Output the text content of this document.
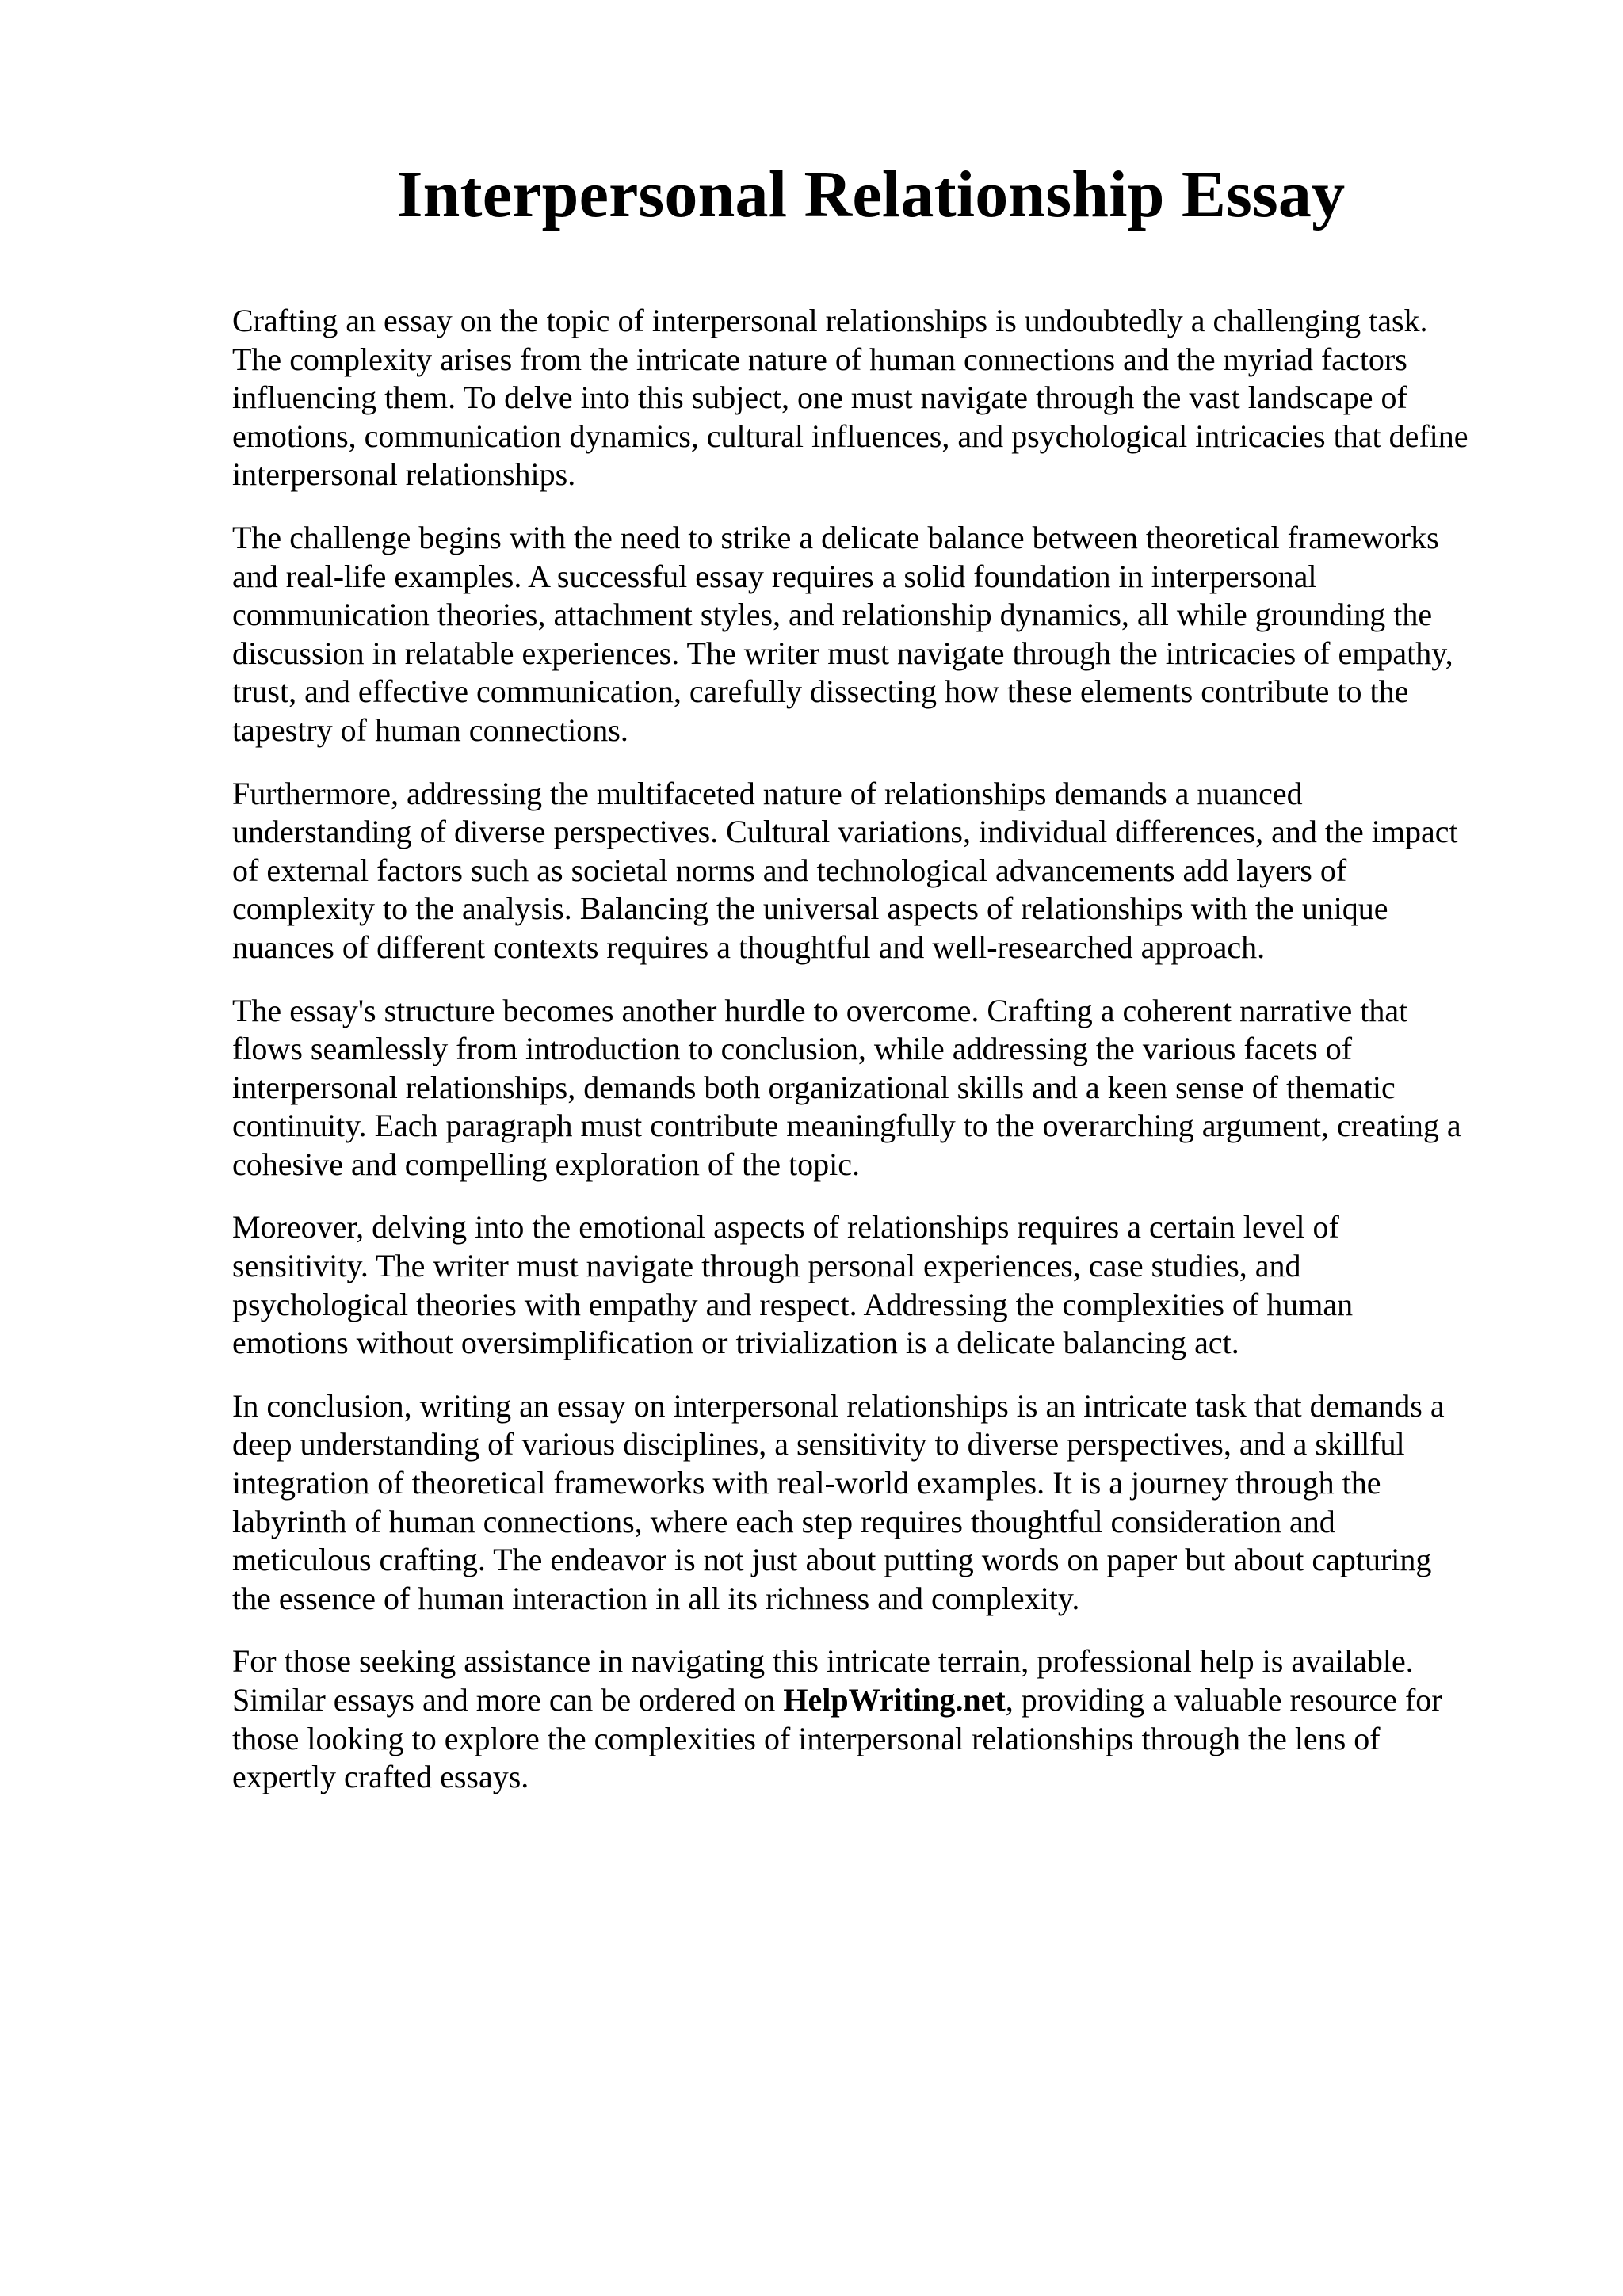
Interpersonal Relationship Essay

Crafting an essay on the topic of interpersonal relationships is undoubtedly a challenging task.
The complexity arises from the intricate nature of human connections and the myriad factors
influencing them. To delve into this subject, one must navigate through the vast landscape of
emotions, communication dynamics, cultural influences, and psychological intricacies that define
interpersonal relationships.

The challenge begins with the need to strike a delicate balance between theoretical frameworks
and real-life examples. A successful essay requires a solid foundation in interpersonal
communication theories, attachment styles, and relationship dynamics, all while grounding the
discussion in relatable experiences. The writer must navigate through the intricacies of empathy,
trust, and effective communication, carefully dissecting how these elements contribute to the
tapestry of human connections.

Furthermore, addressing the multifaceted nature of relationships demands a nuanced
understanding of diverse perspectives. Cultural variations, individual differences, and the impact
of external factors such as societal norms and technological advancements add layers of
complexity to the analysis. Balancing the universal aspects of relationships with the unique
nuances of different contexts requires a thoughtful and well-researched approach.

The essay's structure becomes another hurdle to overcome. Crafting a coherent narrative that
flows seamlessly from introduction to conclusion, while addressing the various facets of
interpersonal relationships, demands both organizational skills and a keen sense of thematic
continuity. Each paragraph must contribute meaningfully to the overarching argument, creating a
cohesive and compelling exploration of the topic.

Moreover, delving into the emotional aspects of relationships requires a certain level of
sensitivity. The writer must navigate through personal experiences, case studies, and
psychological theories with empathy and respect. Addressing the complexities of human
emotions without oversimplification or trivialization is a delicate balancing act.

In conclusion, writing an essay on interpersonal relationships is an intricate task that demands a
deep understanding of various disciplines, a sensitivity to diverse perspectives, and a skillful
integration of theoretical frameworks with real-world examples. It is a journey through the
labyrinth of human connections, where each step requires thoughtful consideration and
meticulous crafting. The endeavor is not just about putting words on paper but about capturing
the essence of human interaction in all its richness and complexity.

For those seeking assistance in navigating this intricate terrain, professional help is available.
Similar essays and more can be ordered on HelpWriting.net, providing a valuable resource for
those looking to explore the complexities of interpersonal relationships through the lens of
expertly crafted essays.
